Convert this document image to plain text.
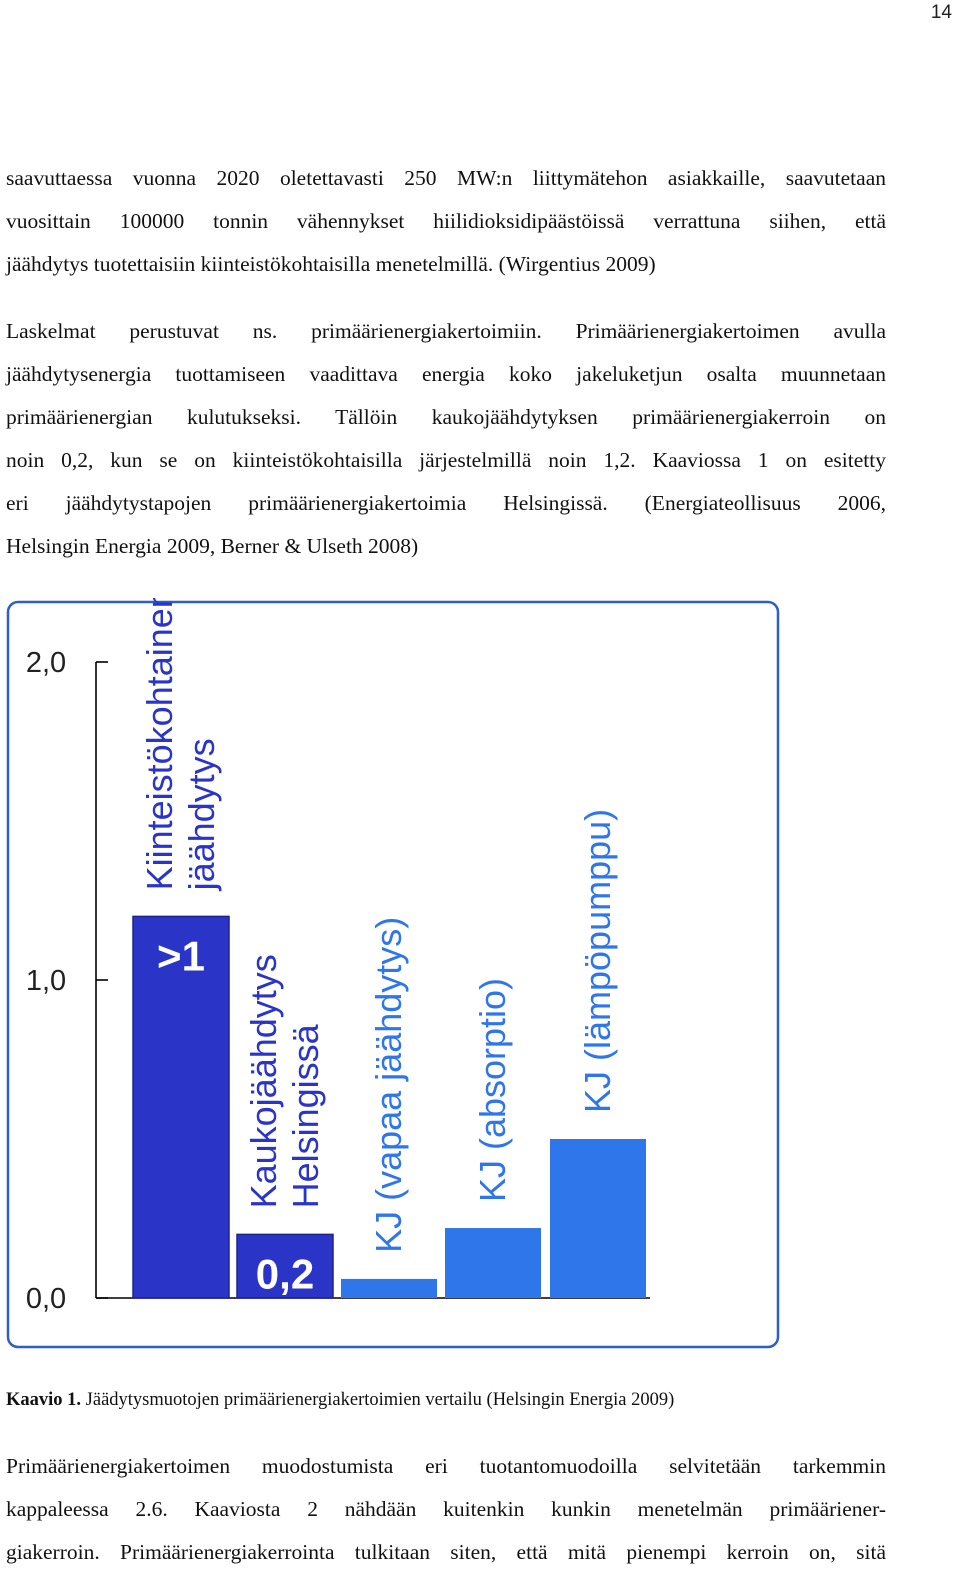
14

saavuttaessa vuonna 2020 oletettavasti 250 MW:n liittymätehon asiakkaille, saavutetaan
vuosittain 100000 tonnin vähennykset hiilidioksidipäästöissä verrattuna siihen, että
jäähdytys tuotettaisiin kiinteistökohtaisilla menetelmillä. (Wirgentius 2009)

Laskelmat perustuvat ns. primäärienergiakertoimiin. Primäärienergiakertoimen avulla
jäähdytysenergia tuottamiseen vaadittava energia koko jakeluketjun osalta muunnetaan
primäärienergian kulutukseksi. Tällöin kaukojäähdytyksen primäärienergiakerroin on
noin 0,2, kun se on kiinteistökohtaisilla järjestelmillä noin 1,2. Kaaviossa 1 on esitetty
eri jäähdytystapojen primäärienergiakertoimia Helsingissä. (Energiateollisuus 2006,
Helsingin Energia 2009, Berner & Ulseth 2008)

0,0
1,0
2,0
>1
Kiinteistökohtainen jäähdytys
0,2
Kaukojäähdytys Helsingissä KJ (vapaa jäähdytys) KJ (absorptio) KJ (lämpöpumppu)
Kaavio 1. Jäädytysmuotojen primäärienergiakertoimien vertailu (Helsingin Energia 2009)

Primäärienergiakertoimen muodostumista eri tuotantomuodoilla selvitetään tarkemmin
kappaleessa 2.6. Kaaviosta 2 nähdään kuitenkin kunkin menetelmän primääriener-
giakerroin. Primäärienergiakerrointa tulkitaan siten, että mitä pienempi kerroin on, sitä
